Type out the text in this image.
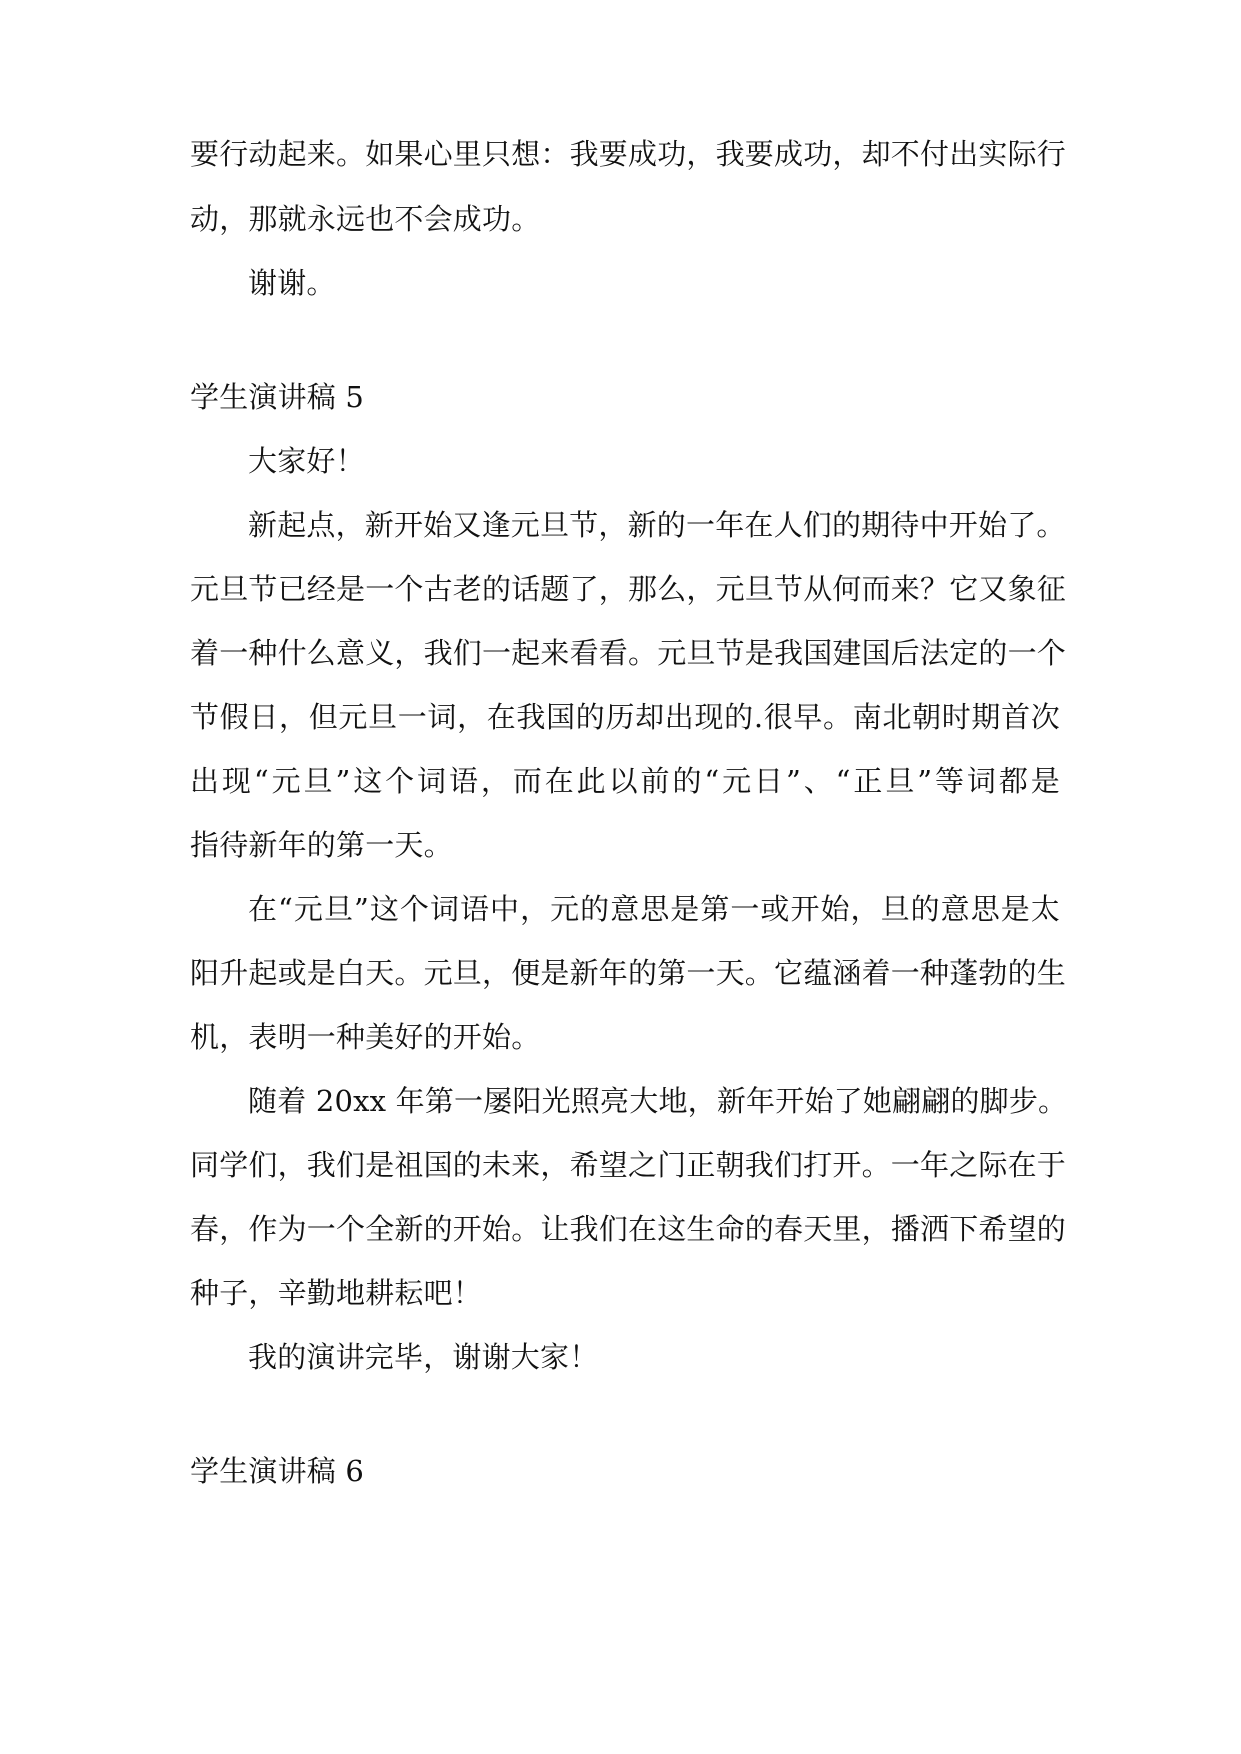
要行动起来。如果心里只想：我要成功，我要成功，却不付出实际行
动，那就永远也不会成功。
谢谢。
学生演讲稿 5
大家好！
新起点，新开始又逢元旦节，新的一年在人们的期待中开始了。
元旦节已经是一个古老的话题了，那么，元旦节从何而来？它又象征
着一种什么意义，我们一起来看看。元旦节是我国建国后法定的一个
节假日，但元旦一词，在我国的历却出现的.很早。南北朝时期首次
出现“元旦”这个词语，而在此以前的“元日”、“正旦”等词都是
指待新年的第一天。
在“元旦”这个词语中，元的意思是第一或开始，旦的意思是太
阳升起或是白天。元旦，便是新年的第一天。它蕴涵着一种蓬勃的生
机，表明一种美好的开始。
随着 20xx 年第一屡阳光照亮大地，新年开始了她翩翩的脚步。
同学们，我们是祖国的未来，希望之门正朝我们打开。一年之际在于
春，作为一个全新的开始。让我们在这生命的春天里，播洒下希望的
种子，辛勤地耕耘吧！
我的演讲完毕，谢谢大家！
学生演讲稿 6
